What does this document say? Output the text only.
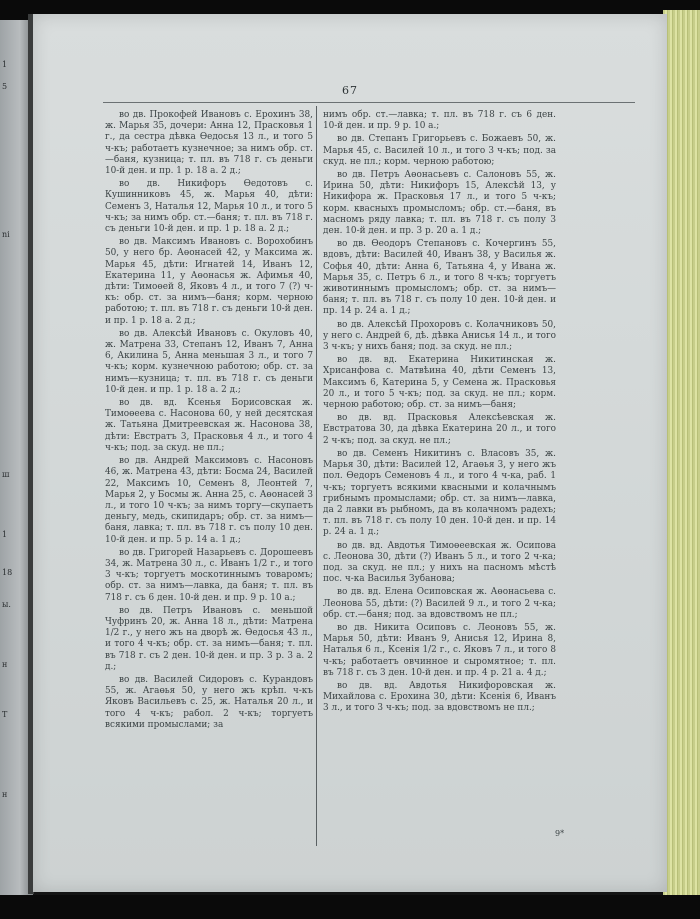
1
5
ni
ш
1
18
ы.
н
Т
н
67

во дв. Прокофей Ивановъ с. Ерохинъ 38, ж. Марья 35, дочери: Анна 12, Прасковья 1 г., да сестра дѣвка Өедосья 13 л., и того 5 ч-къ; работаетъ кузнечное; за нимъ обр. ст.—баня, кузница; т. пл. въ 718 г. съ деньги 10-й ден. и пр. 1 р. 18 а. 2 д.;

во дв. Никифоръ Өедотовъ с. Кушинниковъ 45, ж. Марья 40, дѣти: Семенъ 3, Наталья 12, Марья 10 л., и того 5 ч-къ; за нимъ обр. ст.—баня; т. пл. въ 718 г. съ деньги 10-й ден. и пр. 1 р. 18 а. 2 д.;

во дв. Максимъ Ивановъ с. Ворохобинъ 50, у него бр. Аөонасей 42, у Максима ж. Марья 45, дѣти: Игнатей 14, Иванъ 12, Екатерина 11, у Аөонасья ж. Афимья 40, дѣти: Тимоөей 8, Яковъ 4 л., и того 7 (?) ч-къ: обр. ст. за нимъ—баня; корм. черною работою; т. пл. въ 718 г. съ деньги 10-й ден. и пр. 1 р. 18 а. 2 д.;

во дв. Алексѣй Ивановъ с. Окуловъ 40, ж. Матрена 33, Степанъ 12, Иванъ 7, Анна 6, Акилина 5, Анна меньшая 3 л., и того 7 ч-къ; корм. кузнечною работою; обр. ст. за нимъ—кузница; т. пл. въ 718 г. съ деньги 10-й ден. и пр. 1 р. 18 а. 2 д.;

во дв. вд. Ксенья Борисовская ж. Тимоөеева с. Насонова 60, у ней десятская ж. Татьяна Дмитреевская ж. Насонова 38, дѣти: Евстратъ 3, Прасковья 4 л., и того 4 ч-къ; под. за скуд. не пл.;

во дв. Андрей Максимовъ с. Насоновъ 46, ж. Матрена 43, дѣти: Босма 24, Василей 22, Максимъ 10, Семенъ 8, Леонтей 7, Марья 2, у Босмы ж. Анна 25, с. Аөонасей 3 л., и того 10 ч-къ; за нимъ торгу—скупаетъ деньгу, медь, скипидаръ; обр. ст. за нимъ—баня, лавка; т. пл. въ 718 г. съ полу 10 ден. 10-й ден. и пр. 5 р. 14 а. 1 д.;

во дв. Григорей Назарьевъ с. Дорошеевъ 34, ж. Матрена 30 л., с. Иванъ 1/2 г., и того 3 ч-къ; торгуетъ москотиннымъ товаромъ; обр. ст. за нимъ—лавка, да баня; т. пл. въ 718 г. съ 6 ден. 10-й ден. и пр. 9 р. 10 а.;

во дв. Петръ Ивановъ с. меньшой Чуфринъ 20, ж. Анна 18 л., дѣти: Матрена 1/2 г., у него жъ на дворѣ ж. Өедосья 43 л., и того 4 ч-къ; обр. ст. за нимъ—баня; т. пл. въ 718 г. съ 2 ден. 10-й ден. и пр. 3 р. 3 а. 2 д.;

во дв. Василей Сидоровъ с. Курандовъ 55, ж. Агаөья 50, у него жъ крѣп. ч-къ Яковъ Васильевъ с. 25, ж. Наталья 20 л., и того 4 ч-къ; рабол. 2 ч-къ; торгуетъ всякими промыслами; за

нимъ обр. ст.—лавка; т. пл. въ 718 г. съ 6 ден. 10-й ден. и пр. 9 р. 10 а.;

во дв. Степанъ Григорьевъ с. Божаевъ 50, ж. Марья 45, с. Василей 10 л., и того 3 ч-къ; под. за скуд. не пл.; корм. черною работою;

во дв. Петръ Аөонасьевъ с. Салоновъ 55, ж. Ирина 50, дѣти: Никифоръ 15, Алексѣй 13, у Никифора ж. Прасковья 17 л., и того 5 ч-къ; корм. квасныхъ промысломъ; обр. ст.—баня, въ масномъ ряду лавка; т. пл. въ 718 г. съ полу 3 ден. 10-й ден. и пр. 3 р. 20 а. 1 д.;

во дв. Өеодоръ Степановъ с. Кочергинъ 55, вдовъ, дѣти: Василей 40, Иванъ 38, у Василья ж. Софья 40, дѣти: Анна 6, Татьяна 4, у Ивана ж. Марья 35, с. Петръ 6 л., и того 8 ч-къ; торгуетъ животиннымъ промысломъ; обр. ст. за нимъ—баня; т. пл. въ 718 г. съ полу 10 ден. 10-й ден. и пр. 14 р. 24 а. 1 д.;

во дв. Алексѣй Прохоровъ с. Колачниковъ 50, у него с. Андрей 6, дѣ. дѣвка Анисья 14 л., и того 3 ч-къ; у нихъ баня; под. за скуд. не пл.;

во дв. вд. Екатерина Никитинская ж. Хрисанфова с. Матвѣина 40, дѣти Семенъ 13, Максимъ 6, Катерина 5, у Семена ж. Прасковья 20 л., и того 5 ч-къ; под. за скуд. не пл.; корм. черною работою; обр. ст. за нимъ—баня;

во дв. вд. Прасковья Алексѣевская ж. Евстратова 30, да дѣвка Екатерина 20 л., и того 2 ч-къ; под. за скуд. не пл.;

во дв. Семенъ Никитинъ с. Власовъ 35, ж. Марья 30, дѣти: Василей 12, Агаөья 3, у него жъ пол. Өедоръ Семеновъ 4 л., и того 4 ч-ка, раб. 1 ч-къ; торгуетъ всякими квасными и колачнымъ грибнымъ промыслами; обр. ст. за нимъ—лавка, да 2 лавки въ рыбномъ, да въ колачномъ радехъ; т. пл. въ 718 г. съ полу 10 ден. 10-й ден. и пр. 14 р. 24 а. 1 д.;

во дв. вд. Авдотья Тимоөеевская ж. Осипова с. Леонова 30, дѣти (?) Иванъ 5 л., и того 2 ч-ка; под. за скуд. не пл.; у нихъ на пасномъ мѣстѣ пос. ч-ка Василья Зубанова;

во дв. вд. Елена Осиповская ж. Аөонасьева с. Леонова 55, дѣти: (?) Василей 9 л., и того 2 ч-ка; обр. ст.—баня; под. за вдовствомъ не пл.;

во дв. Никита Осиповъ с. Леоновъ 55, ж. Марья 50, дѣти: Иванъ 9, Анисья 12, Ирина 8, Наталья 6 л., Ксенія 1/2 г., с. Яковъ 7 л., и того 8 ч-къ; работаетъ овчинное и сыромятное; т. пл. въ 718 г. съ 3 ден. 10-й ден. и пр. 4 р. 21 а. 4 д.;

во дв. вд. Авдотья Никифоровская ж. Михайлова с. Ерохина 30, дѣти: Ксенія 6, Иванъ 3 л., и того 3 ч-къ; под. за вдовствомъ не пл.;

9*
